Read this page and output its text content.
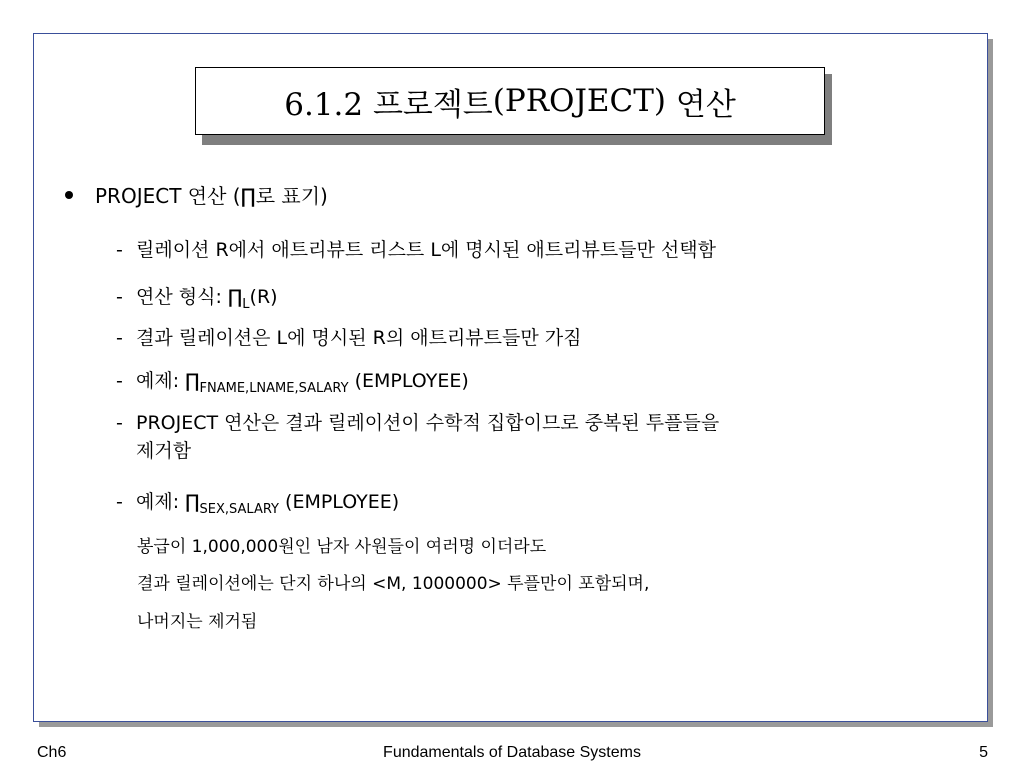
6.1.2 프로젝트 (PROJECT) 연산
PROJECT 연산 (∏로 표기)
- 릴레이션 R에서 애트리뷰트 리스트 L에 명시된 애트리뷰트들만 선택함
- 연산 형식: $\prod_L(R)$
- 결과 릴레이션은 L에 명시된 R의 애트리뷰트들만 가짐
- 예제: $\prod_{FNAME,LNAME,SALARY}$ (EMPLOYEE)
- PROJECT 연산은 결과 릴레이션이 수학적 집합이므로 중복된 투플들을
제거함
- 예제: $\prod_{SEX,SALARY}$ (EMPLOYEE)
봉급이 1,000,000원인 남자 사원들이 여러명 이더라도
결과 릴레이션에는 단지 하나의 <M, 1000000> 투플만이 포함되며,
나머지는 제거됨
Ch6	Fundamentals of Database Systems	5
